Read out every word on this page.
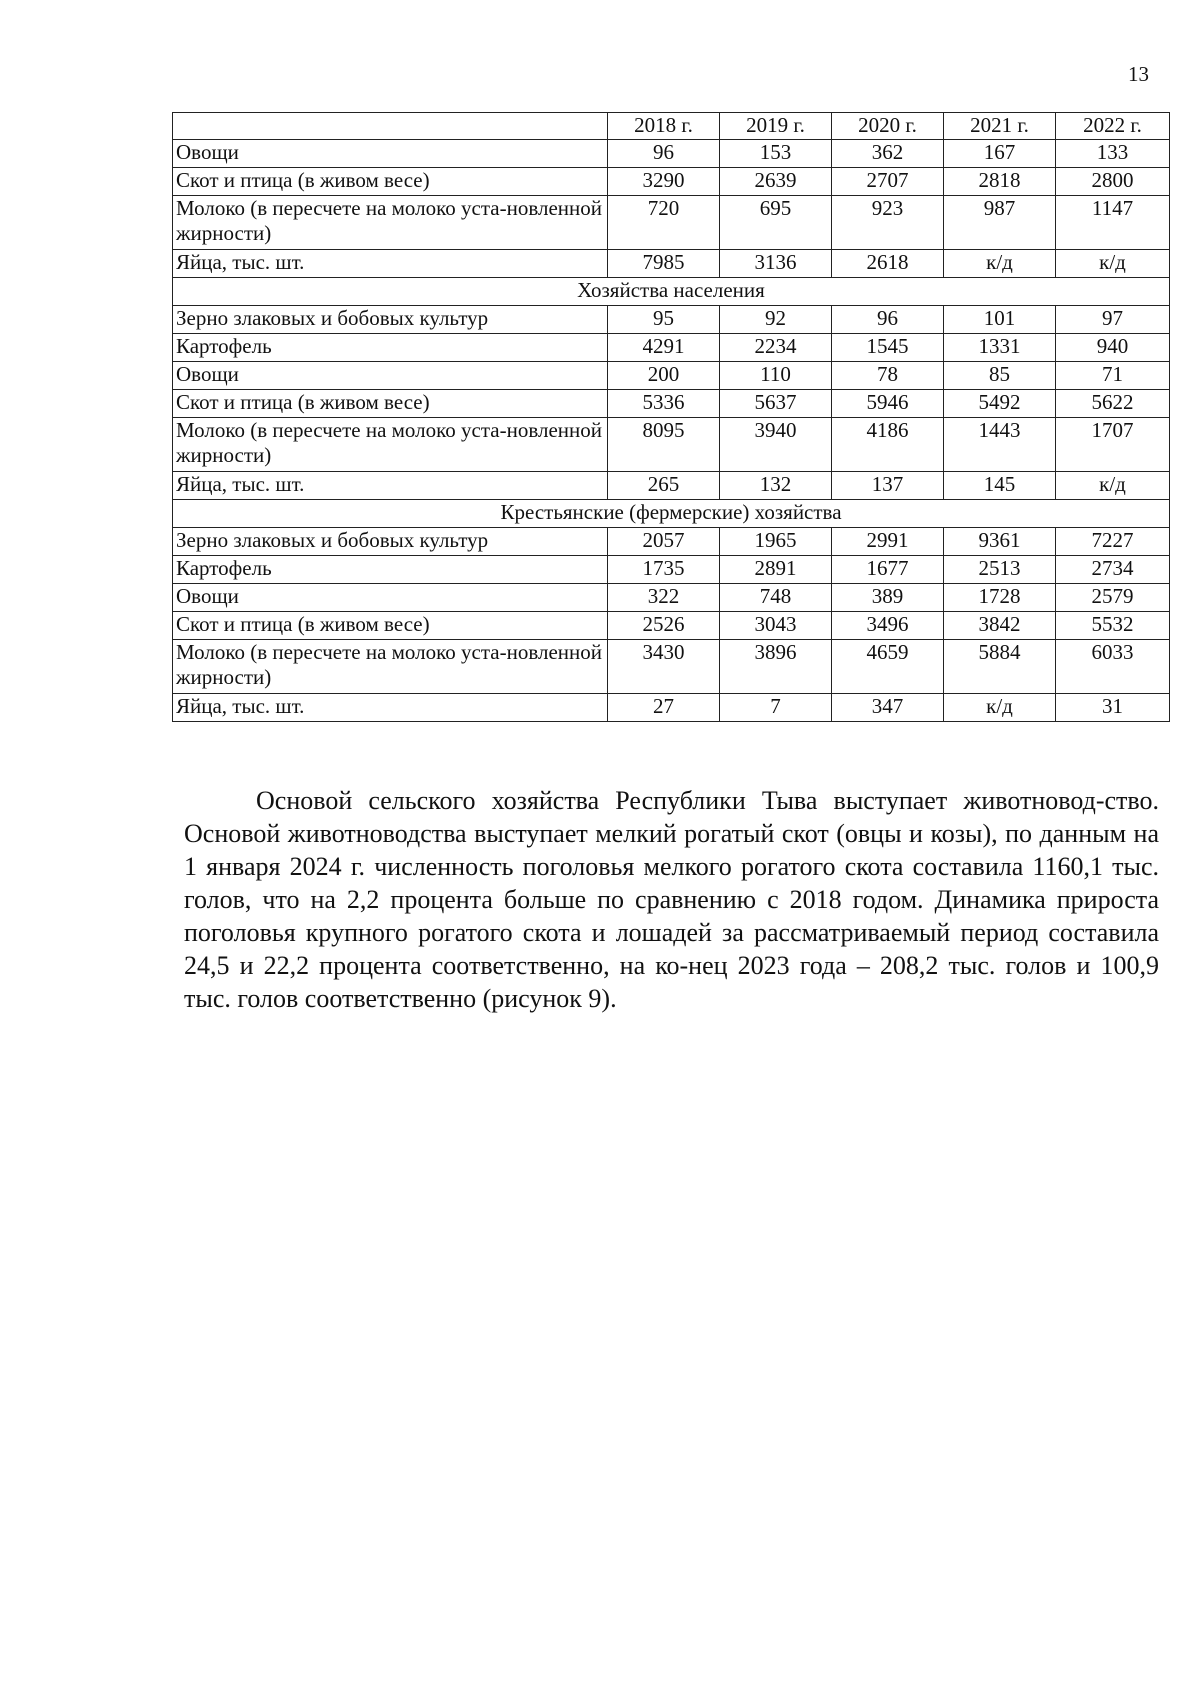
13
	2018 г.	2019 г.	2020 г.	2021 г.	2022 г.
Овощи	96	153	362	167	133
Скот и птица (в живом весе)	3290	2639	2707	2818	2800
Молоко (в пересчете на молоко уста-новленной жирности)	720	695	923	987	1147
Яйца, тыс. шт.	7985	3136	2618	к/д	к/д
Хозяйства населения					
Зерно злаковых и бобовых культур	95	92	96	101	97
Картофель	4291	2234	1545	1331	940
Овощи	200	110	78	85	71
Скот и птица (в живом весе)	5336	5637	5946	5492	5622
Молоко (в пересчете на молоко уста-новленной жирности)	8095	3940	4186	1443	1707
Яйца, тыс. шт.	265	132	137	145	к/д
Крестьянские (фермерские) хозяйства					
Зерно злаковых и бобовых культур	2057	1965	2991	9361	7227
Картофель	1735	2891	1677	2513	2734
Овощи	322	748	389	1728	2579
Скот и птица (в живом весе)	2526	3043	3496	3842	5532
Молоко (в пересчете на молоко уста-новленной жирности)	3430	3896	4659	5884	6033
Яйца, тыс. шт.	27	7	347	к/д	31

Основой сельского хозяйства Республики Тыва выступает животновод-ство. Основой животноводства выступает мелкий рогатый скот (овцы и козы), по данным на 1 января 2024 г. численность поголовья мелкого рогатого скота составила 1160,1 тыс. голов, что на 2,2 процента больше по сравнению с 2018 годом. Динамика прироста поголовья крупного рогатого скота и лошадей за рассматриваемый период составила 24,5 и 22,2 процента соответственно, на ко-нец 2023 года – 208,2 тыс. голов и 100,9 тыс. голов соответственно (рисунок 9).
